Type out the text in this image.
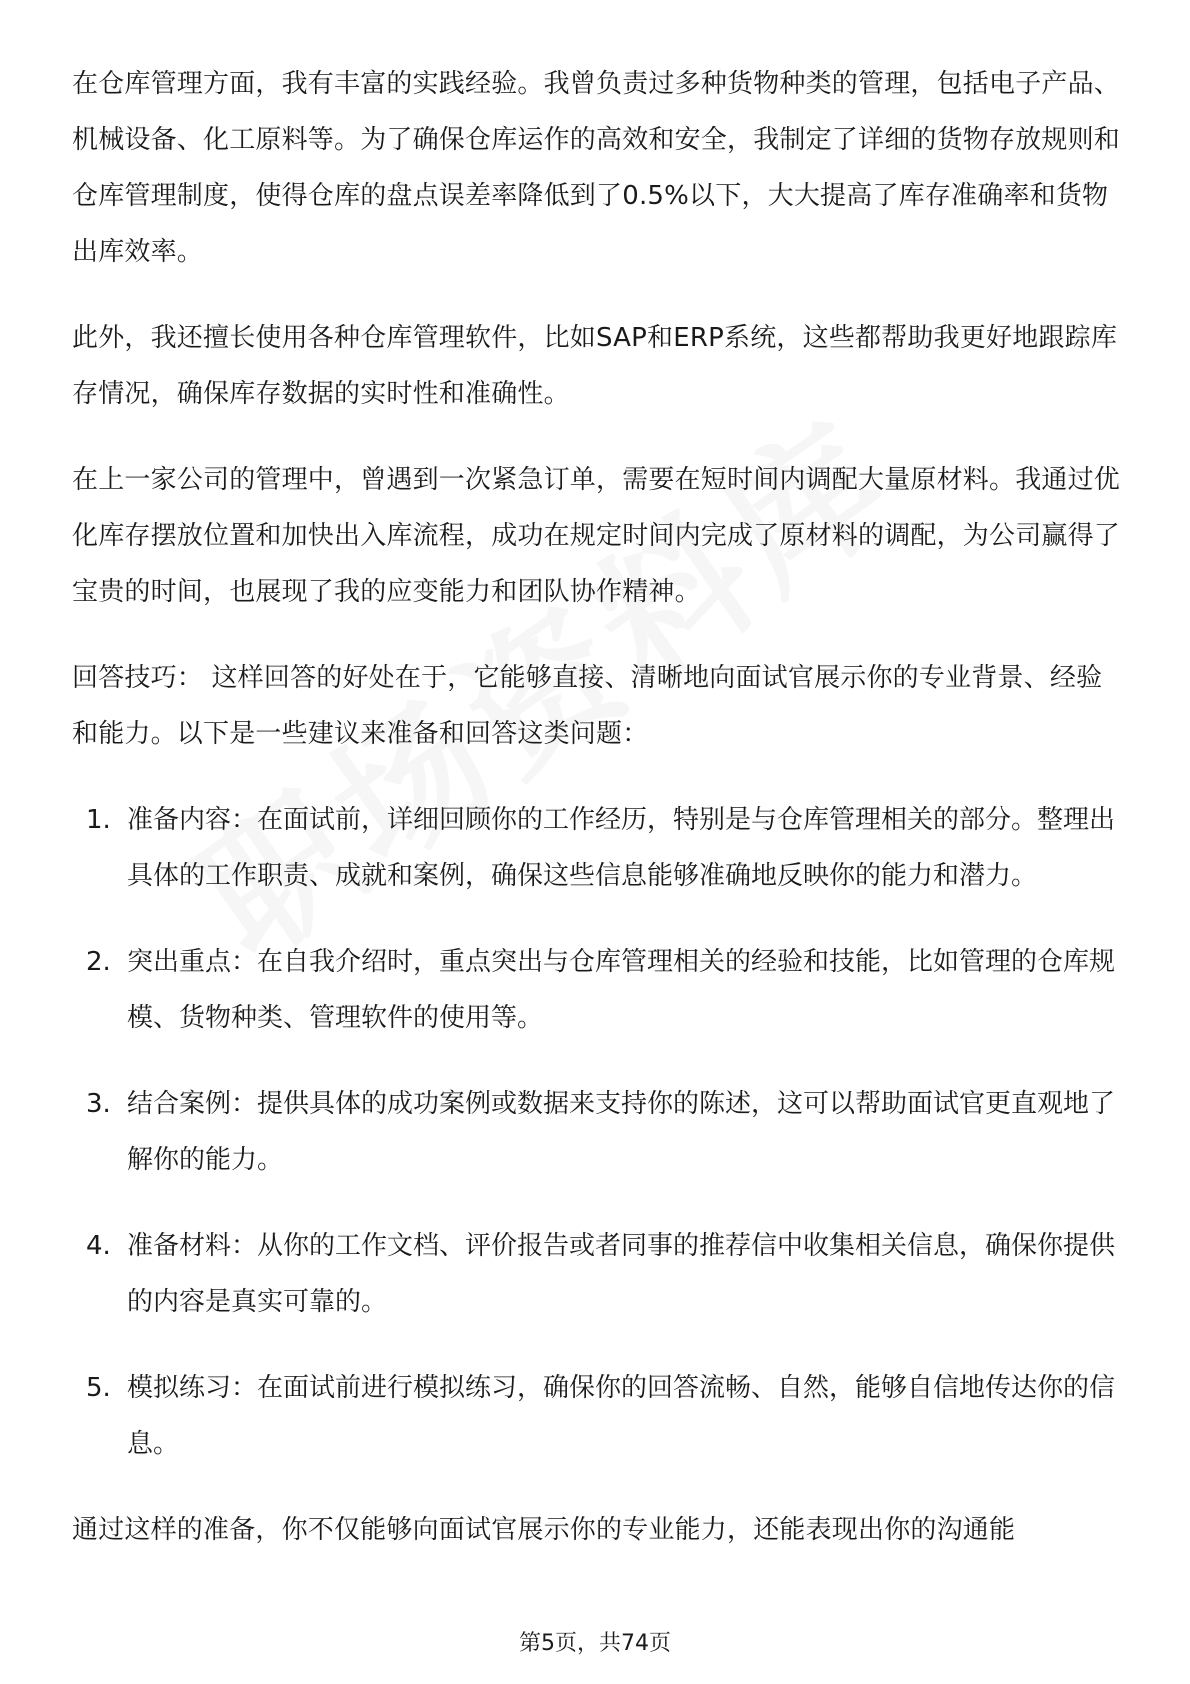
在仓库管理方面，我有丰富的实践经验。我曾负责过多种货物种类的管理，包括电子产品、机械设备、化工原料等。为了确保仓库运作的高效和安全，我制定了详细的货物存放规则和仓库管理制度，使得仓库的盘点误差率降低到了0.5%以下，大大提高了库存准确率和货物出库效率。

此外，我还擅长使用各种仓库管理软件，比如SAP和ERP系统，这些都帮助我更好地跟踪库存情况，确保库存数据的实时性和准确性。

在上一家公司的管理中，曾遇到一次紧急订单，需要在短时间内调配大量原材料。我通过优化库存摆放位置和加快出入库流程，成功在规定时间内完成了原材料的调配，为公司赢得了宝贵的时间，也展现了我的应变能力和团队协作精神。

回答技巧： 这样回答的好处在于，它能够直接、清晰地向面试官展示你的专业背景、经验和能力。以下是一些建议来准备和回答这类问题：

1. 准备内容：在面试前，详细回顾你的工作经历，特别是与仓库管理相关的部分。整理出具体的工作职责、成就和案例，确保这些信息能够准确地反映你的能力和潜力。
2. 突出重点：在自我介绍时，重点突出与仓库管理相关的经验和技能，比如管理的仓库规模、货物种类、管理软件的使用等。
3. 结合案例：提供具体的成功案例或数据来支持你的陈述，这可以帮助面试官更直观地了解你的能力。
4. 准备材料：从你的工作文档、评价报告或者同事的推荐信中收集相关信息，确保你提供的内容是真实可靠的。
5. 模拟练习：在面试前进行模拟练习，确保你的回答流畅、自然，能够自信地传达你的信息。

通过这样的准备，你不仅能够向面试官展示你的专业能力，还能表现出你的沟通能

第5页，共74页
